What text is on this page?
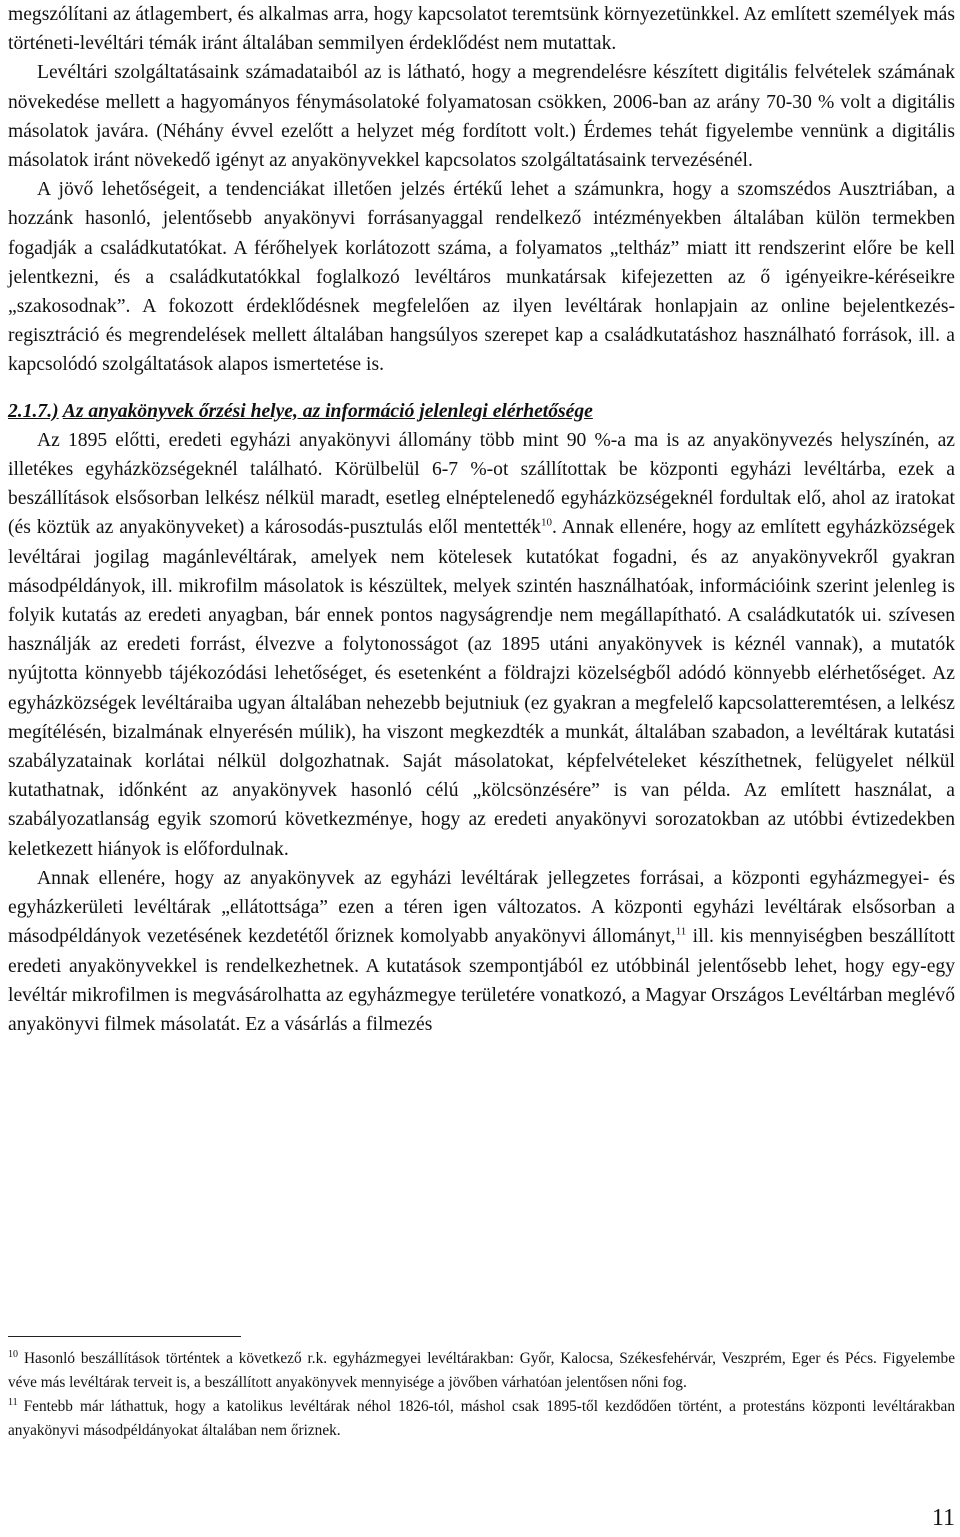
megszólítani az átlagembert, és alkalmas arra, hogy kapcsolatot teremtsünk környezetünkkel. Az említett személyek más történeti-levéltári témák iránt általában semmilyen érdeklődést nem mutattak.

Levéltári szolgáltatásaink számadataiból az is látható, hogy a megrendelésre készített digitális felvételek számának növekedése mellett a hagyományos fénymásolatoké folyamatosan csökken, 2006-ban az arány 70-30 % volt a digitális másolatok javára. (Néhány évvel ezelőtt a helyzet még fordított volt.) Érdemes tehát figyelembe vennünk a digitális másolatok iránt növekedő igényt az anyakönyvekkel kapcsolatos szolgáltatásaink tervezésénél.

A jövő lehetőségeit, a tendenciákat illetően jelzés értékű lehet a számunkra, hogy a szomszédos Ausztriában, a hozzánk hasonló, jelentősebb anyakönyvi forrásanyaggal rendelkező intézményekben általában külön termekben fogadják a családkutatókat. A férőhelyek korlátozott száma, a folyamatos „teltház” miatt itt rendszerint előre be kell jelentkezni, és a családkutatókkal foglalkozó levéltáros munkatársak kifejezetten az ő igényeikre-kéréseikre „szakosodnak”. A fokozott érdeklődésnek megfelelően az ilyen levéltárak honlapjain az online bejelentkezés-regisztráció és megrendelések mellett általában hangsúlyos szerepet kap a családkutatáshoz használható források, ill. a kapcsolódó szolgáltatások alapos ismertetése is.

2.1.7.) Az anyakönyvek őrzési helye, az információ jelenlegi elérhetősége

Az 1895 előtti, eredeti egyházi anyakönyvi állomány több mint 90 %-a ma is az anyakönyvezés helyszínén, az illetékes egyházközségeknél található. Körülbelül 6-7 %-ot szállítottak be központi egyházi levéltárba, ezek a beszállítások elsősorban lelkész nélkül maradt, esetleg elnéptelenedő egyházközségeknél fordultak elő, ahol az iratokat (és köztük az anyakönyveket) a károsodás-pusztulás elől mentették$^{10}$. Annak ellenére, hogy az említett egyházközségek levéltárai jogilag magánlevéltárak, amelyek nem kötelesek kutatókat fogadni, és az anyakönyvekről gyakran másodpéldányok, ill. mikrofilm másolatok is készültek, melyek szintén használhatóak, információink szerint jelenleg is folyik kutatás az eredeti anyagban, bár ennek pontos nagyságrendje nem megállapítható. A családkutatók ui. szívesen használják az eredeti forrást, élvezve a folytonosságot (az 1895 utáni anyakönyvek is kéznél vannak), a mutatók nyújtotta könnyebb tájékozódási lehetőséget, és esetenként a földrajzi közelségből adódó könnyebb elérhetőséget. Az egyházközségek levéltáraiba ugyan általában nehezebb bejutniuk (ez gyakran a megfelelő kapcsolatteremtésen, a lelkész megítélésén, bizalmának elnyerésén múlik), ha viszont megkezdték a munkát, általában szabadon, a levéltárak kutatási szabályzatainak korlátai nélkül dolgozhatnak. Saját másolatokat, képfelvételeket készíthetnek, felügyelet nélkül kutathatnak, időnként az anyakönyvek hasonló célú „kölcsönzésére” is van példa. Az említett használat, a szabályozatlanság egyik szomorú következménye, hogy az eredeti anyakönyvi sorozatokban az utóbbi évtizedekben keletkezett hiányok is előfordulnak.

Annak ellenére, hogy az anyakönyvek az egyházi levéltárak jellegzetes forrásai, a központi egyházmegyei- és egyházkerületi levéltárak „ellátottsága” ezen a téren igen változatos. A központi egyházi levéltárak elsősorban a másodpéldányok vezetésének kezdetétől őriznek komolyabb anyakönyvi állományt,$^{11}$ ill. kis mennyiségben beszállított eredeti anyakönyvekkel is rendelkezhetnek. A kutatások szempontjából ez utóbbinál jelentősebb lehet, hogy egy-egy levéltár mikrofilmen is megvásárolhatta az egyházmegye területére vonatkozó, a Magyar Országos Levéltárban meglévő anyakönyvi filmek másolatát. Ez a vásárlás a filmezés

$^{10}$ Hasonló beszállítások történtek a következő r.k. egyházmegyei levéltárakban: Győr, Kalocsa, Székesfehérvár, Veszprém, Eger és Pécs. Figyelembe véve más levéltárak terveit is, a beszállított anyakönyvek mennyisége a jövőben várhatóan jelentősen nőni fog.

$^{11}$ Fentebb már láthattuk, hogy a katolikus levéltárak néhol 1826-tól, máshol csak 1895-től kezdődően történt, a protestáns központi levéltárakban anyakönyvi másodpéldányokat általában nem őriznek.

11
